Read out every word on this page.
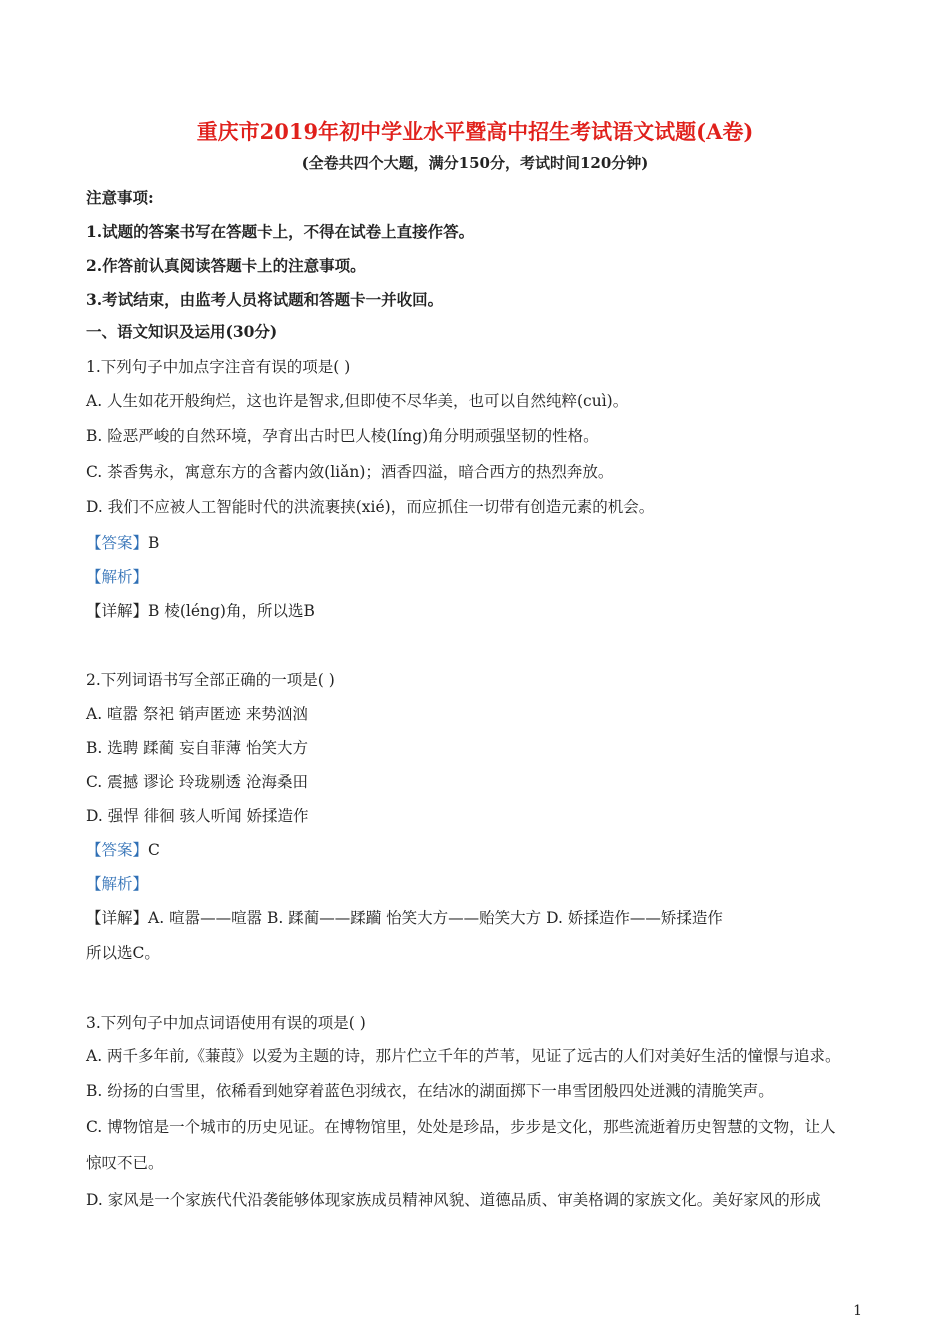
重庆市2019年初中学业水平暨高中招生考试语文试题(A卷)
(全卷共四个大题，满分150分，考试时间120分钟)
注意事项:
1.试题的答案书写在答题卡上，不得在试卷上直接作答。
2.作答前认真阅读答题卡上的注意事项。
3.考试结束，由监考人员将试题和答题卡一并收回。
一、语文知识及运用(30分)
1.下列句子中加点字注音有误的项是( )
A. 人生如花开般绚烂，这也许是智求,但即使不尽华美，也可以自然纯粹(cuì)。
B. 险恶严峻的自然环境，孕育出古时巴人棱(líng)角分明顽强坚韧的性格。
C. 茶香隽永，寓意东方的含蓄内敛(liǎn)；酒香四溢，暗合西方的热烈奔放。
D. 我们不应被人工智能时代的洪流裹挟(xié)，而应抓住一切带有创造元素的机会。
【答案】B
【解析】
【详解】B 棱(léng)角，所以选B
2.下列词语书写全部正确的一项是( )
A. 喧嚣 祭祀 销声匿迹 来势汹汹
B. 选聘 蹂蔺 妄自菲薄 怡笑大方
C. 震撼 谬论 玲珑剔透 沧海桑田
D. 强悍 徘徊 骇人听闻 娇揉造作
【答案】C
【解析】
【详解】A. 喧嚣——喧嚣 B. 蹂蔺——蹂躏 怡笑大方——贻笑大方 D. 娇揉造作——矫揉造作
所以选C。
3.下列句子中加点词语使用有误的项是( )
A. 两千多年前,《蒹葭》以爱为主题的诗，那片伫立千年的芦苇，见证了远古的人们对美好生活的憧憬与追求。
B. 纷扬的白雪里，依稀看到她穿着蓝色羽绒衣，在结冰的湖面掷下一串雪团般四处迸溅的清脆笑声。
C. 博物馆是一个城市的历史见证。在博物馆里，处处是珍品，步步是文化，那些流逝着历史智慧的文物，让人
惊叹不已。
D. 家风是一个家族代代沿袭能够体现家族成员精神风貌、道德品质、审美格调的家族文化。美好家风的形成
1
